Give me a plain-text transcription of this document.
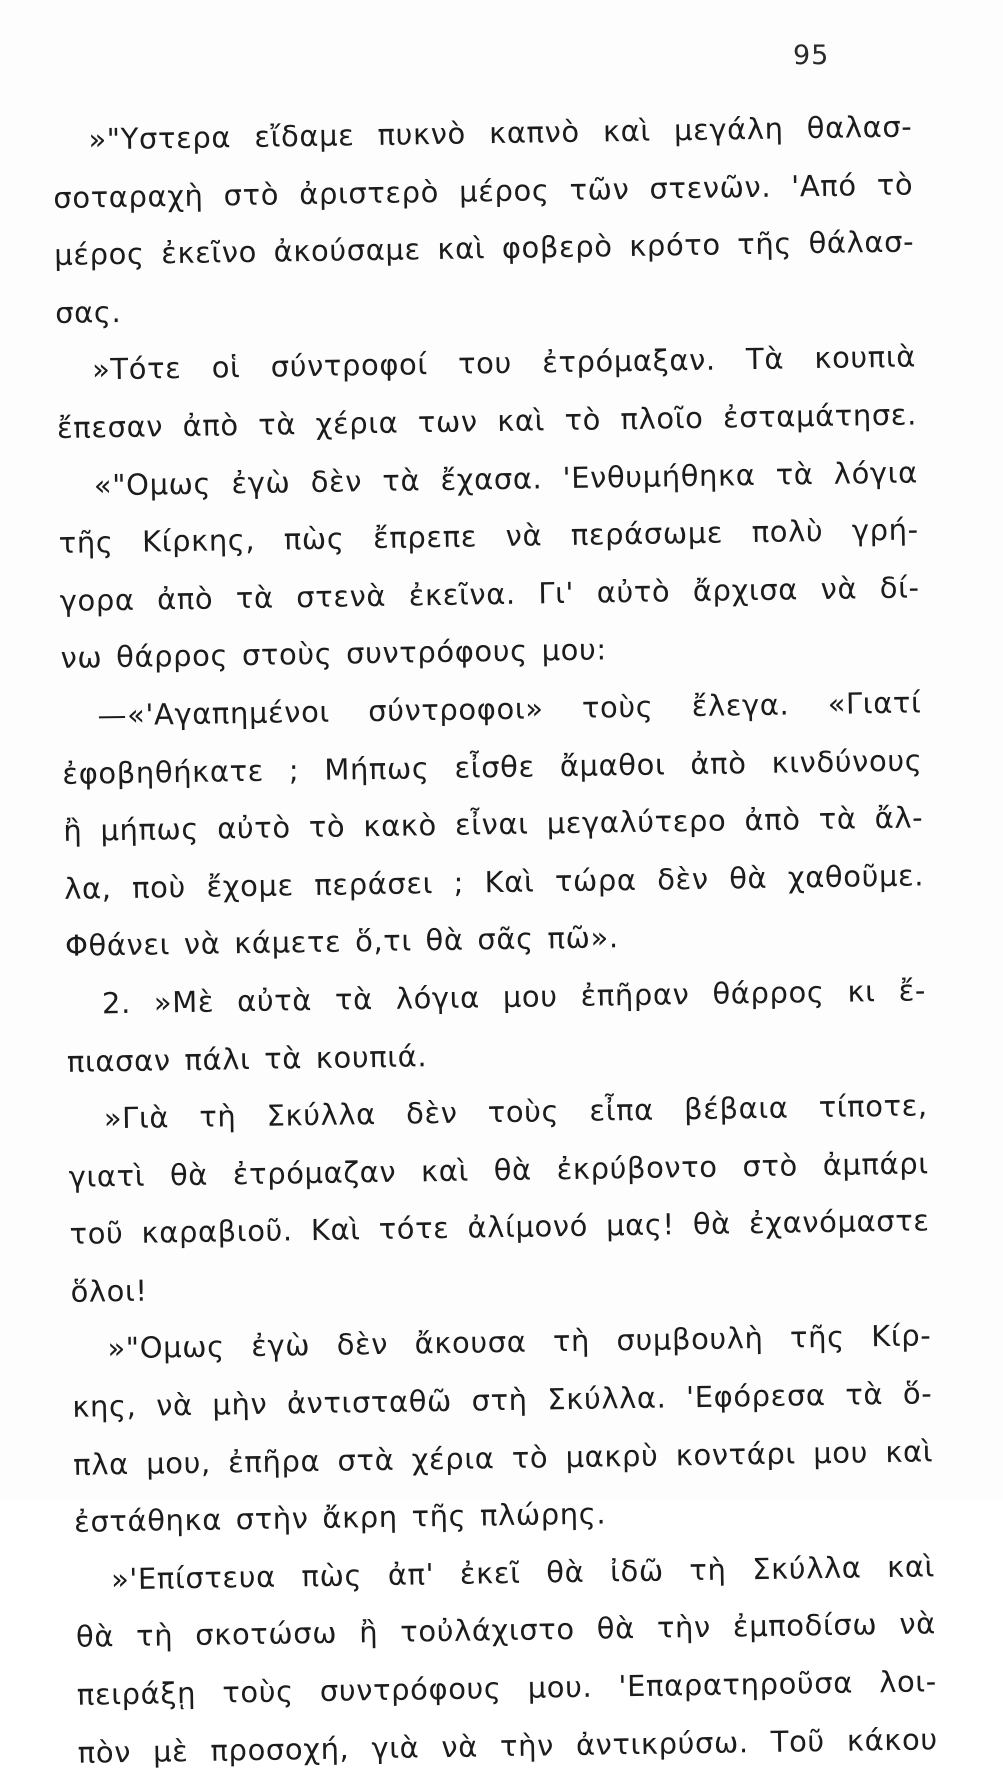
95
»"Υστερα εἴδαμε πυκνὸ καπνὸ καὶ μεγάλη θαλασ-
σοταραχὴ στὸ ἀριστερὸ μέρος τῶν στενῶν. 'Από τὸ
μέρος ἐκεῖνο ἀκούσαμε καὶ φοβερὸ κρότο τῆς θάλασ-
σας.
»Τότε οἱ σύντροφοί του ἐτρόμαξαν. Τὰ κουπιὰ
ἔπεσαν ἀπὸ τὰ χέρια των καὶ τὸ πλοῖο ἐσταμάτησε.
«"Ομως ἐγὼ δὲν τὰ ἔχασα. 'Ενθυμήθηκα τὰ λόγια
τῆς Κίρκης, πὼς ἔπρεπε νὰ περάσωμε πολὺ γρή-
γορα ἀπὸ τὰ στενὰ ἐκεῖνα. Γι' αὐτὸ ἄρχισα νὰ δί-
νω θάρρος στοὺς συντρόφους μου:
—«'Αγαπημένοι σύντροφοι» τοὺς ἔλεγα. «Γιατί
ἐφοβηθήκατε ; Μήπως εἶσθε ἄμαθοι ἀπὸ κινδύνους
ἢ μήπως αὐτὸ τὸ κακὸ εἶναι μεγαλύτερο ἀπὸ τὰ ἄλ-
λα, ποὺ ἔχομε περάσει ; Καὶ τώρα δὲν θὰ χαθοῦμε.
Φθάνει νὰ κάμετε ὅ,τι θὰ σᾶς πῶ».
2. »Μὲ αὐτὰ τὰ λόγια μου ἐπῆραν θάρρος κι ἔ-
πιασαν πάλι τὰ κουπιά.
»Γιὰ τὴ Σκύλλα δὲν τοὺς εἶπα βέβαια τίποτε,
γιατὶ θὰ ἐτρόμαζαν καὶ θὰ ἐκρύβοντο στὸ ἀμπάρι
τοῦ καραβιοῦ. Καὶ τότε ἀλίμονό μας! θὰ ἐχανόμαστε
ὅλοι!
»"Ομως ἐγὼ δὲν ἄκουσα τὴ συμβουλὴ τῆς Κίρ-
κης, νὰ μὴν ἀντισταθῶ στὴ Σκύλλα. 'Εφόρεσα τὰ ὅ-
πλα μου, ἐπῆρα στὰ χέρια τὸ μακρὺ κοντάρι μου καὶ
ἐστάθηκα στὴν ἄκρη τῆς πλώρης.
»'Επίστευα πὼς ἀπ' ἐκεῖ θὰ ἰδῶ τὴ Σκύλλα καὶ
θὰ τὴ σκοτώσω ἢ τοὐλάχιστο θὰ τὴν ἐμποδίσω νὰ
πειράξῃ τοὺς συντρόφους μου. 'Επαρατηροῦσα λοι-
πὸν μὲ προσοχή, γιὰ νὰ τὴν ἀντικρύσω. Τοῦ κάκου
